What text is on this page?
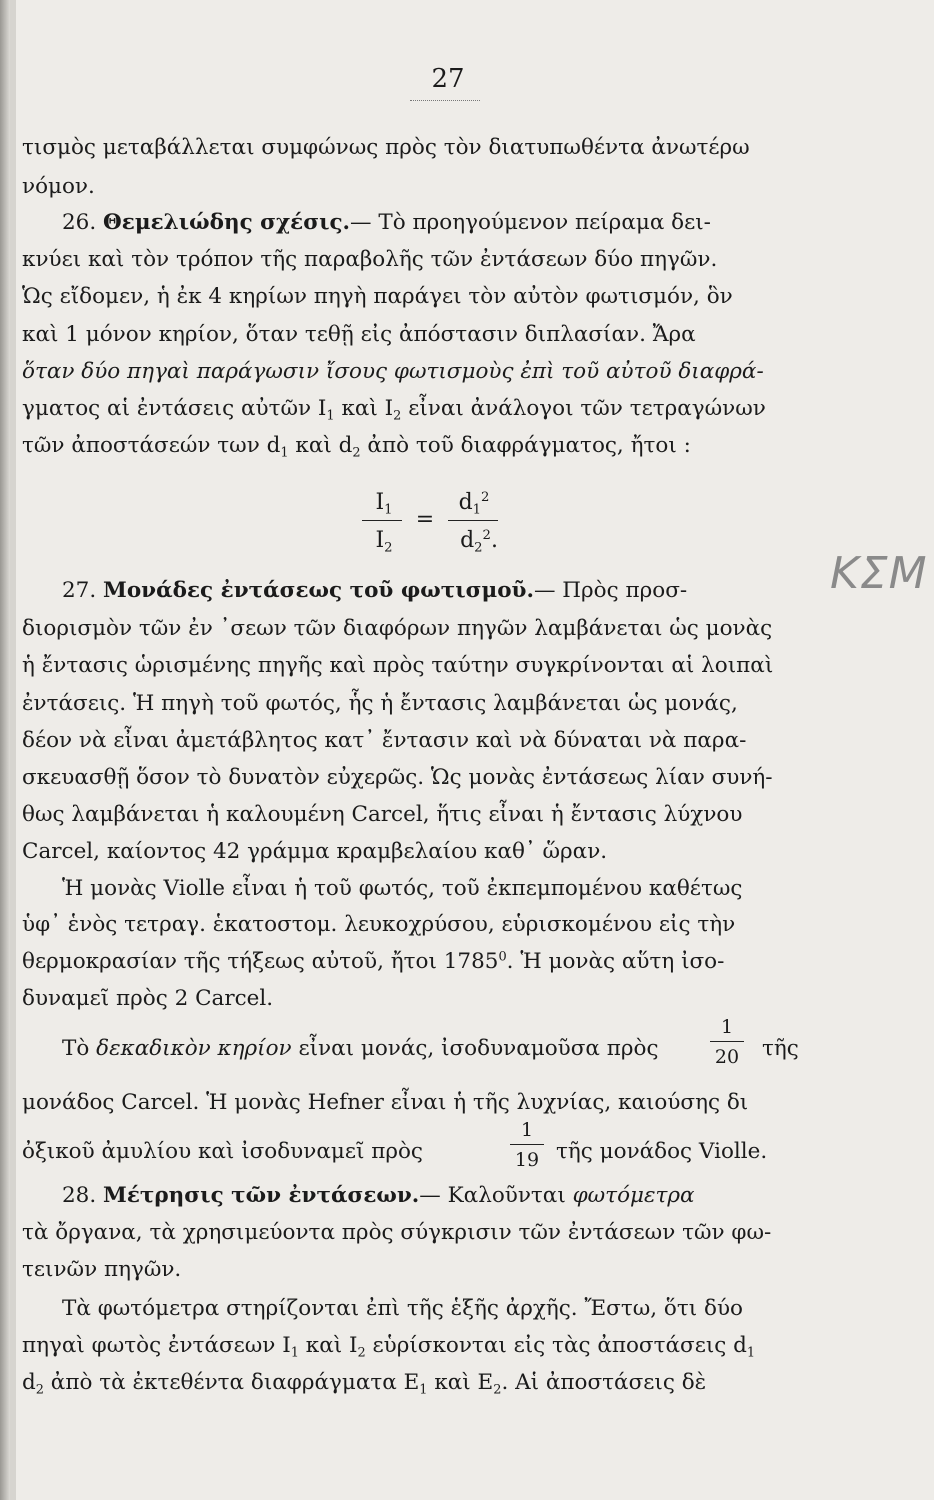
27
ΚΣΜ
τισμὸς μεταβάλλεται συμφώνως πρὸς τὸν διατυπωθέντα ἀνωτέρω
νόμον.
26. Θεμελιώδης σχέσις.— Τὸ προηγούμενον πείραμα δει-
κνύει καὶ τὸν τρόπον τῆς παραβολῆς τῶν ἐντάσεων δύο πηγῶν.
Ὡς εἴδομεν, ἡ ἐκ 4 κηρίων πηγὴ παράγει τὸν αὐτὸν φωτισμόν, ὃν
καὶ 1 μόνον κηρίον, ὅταν τεθῇ εἰς ἀπόστασιν διπλασίαν. Ἄρα
ὅταν δύο πηγαὶ παράγωσιν ἴσους φωτισμοὺς ἐπὶ τοῦ αὐτοῦ διαφρά-
γματος αἱ ἐντάσεις αὐτῶν $I_1$ καὶ $I_2$ εἶναι ἀνάλογοι τῶν τετραγώνων
τῶν ἀποστάσεών των $d_1$ καὶ $d_2$ ἀπὸ τοῦ διαφράγματος, ἤτοι :
$I_1$
$I_2$
=
$d_1^2$
$d_2^2$.
27. Μονάδες ἐντάσεως τοῦ φωτισμοῦ.— Πρὸς προσ-
διορισμὸν τῶν ἐν ᾿σεων τῶν διαφόρων πηγῶν λαμβάνεται ὡς μονὰς
ἡ ἔντασις ὡρισμένης πηγῆς καὶ πρὸς ταύτην συγκρίνονται αἱ λοιπαὶ
ἐντάσεις. Ἡ πηγὴ τοῦ φωτός, ἧς ἡ ἔντασις λαμβάνεται ὡς μονάς,
δέον νὰ εἶναι ἀμετάβλητος κατ᾿ ἔντασιν καὶ νὰ δύναται νὰ παρα-
σκευασθῇ ὅσον τὸ δυνατὸν εὐχερῶς. Ὡς μονὰς ἐντάσεως λίαν συνή-
θως λαμβάνεται ἡ καλουμένη Carcel, ἥτις εἶναι ἡ ἔντασις λύχνου
Carcel, καίοντος 42 γράμμα κραμβελαίου καθ᾿ ὥραν.
Ἡ μονὰς Violle εἶναι ἡ τοῦ φωτός, τοῦ ἐκπεμπομένου καθέτως
ὑφ᾿ ἑνὸς τετραγ. ἑκατοστομ. λευκοχρύσου, εὑρισκομένου εἰς τὴν
θερμοκρασίαν τῆς τήξεως αὐτοῦ, ἤτοι 1785$^0$. Ἡ μονὰς αὕτη ἰσο-
δυναμεῖ πρὸς 2 Carcel.
Τὸ δεκαδικὸν κηρίον εἶναι μονάς, ἰσοδυναμοῦσα πρὸς
1
20 τῆς
μονάδος Carcel. Ἡ μονὰς Hefner εἶναι ἡ τῆς λυχνίας, καιούσης δι
ὀξικοῦ ἀμυλίου καὶ ἰσοδυναμεῖ πρὸς
1
19 τῆς μονάδος Violle.
28. Μέτρησις τῶν ἐντάσεων.— Καλοῦνται φωτόμετρα
τὰ ὄργανα, τὰ χρησιμεύοντα πρὸς σύγκρισιν τῶν ἐντάσεων τῶν φω-
τεινῶν πηγῶν.
Τὰ φωτόμετρα στηρίζονται ἐπὶ τῆς ἑξῆς ἀρχῆς. Ἔστω, ὅτι δύο
πηγαὶ φωτὸς ἐντάσεων $I_1$ καὶ $I_2$ εὑρίσκονται εἰς τὰς ἀποστάσεις $d_1$
$d_2$ ἀπὸ τὰ ἐκτεθέντα διαφράγματα $E_1$ καὶ $E_2$. Αἱ ἀποστάσεις δὲ
